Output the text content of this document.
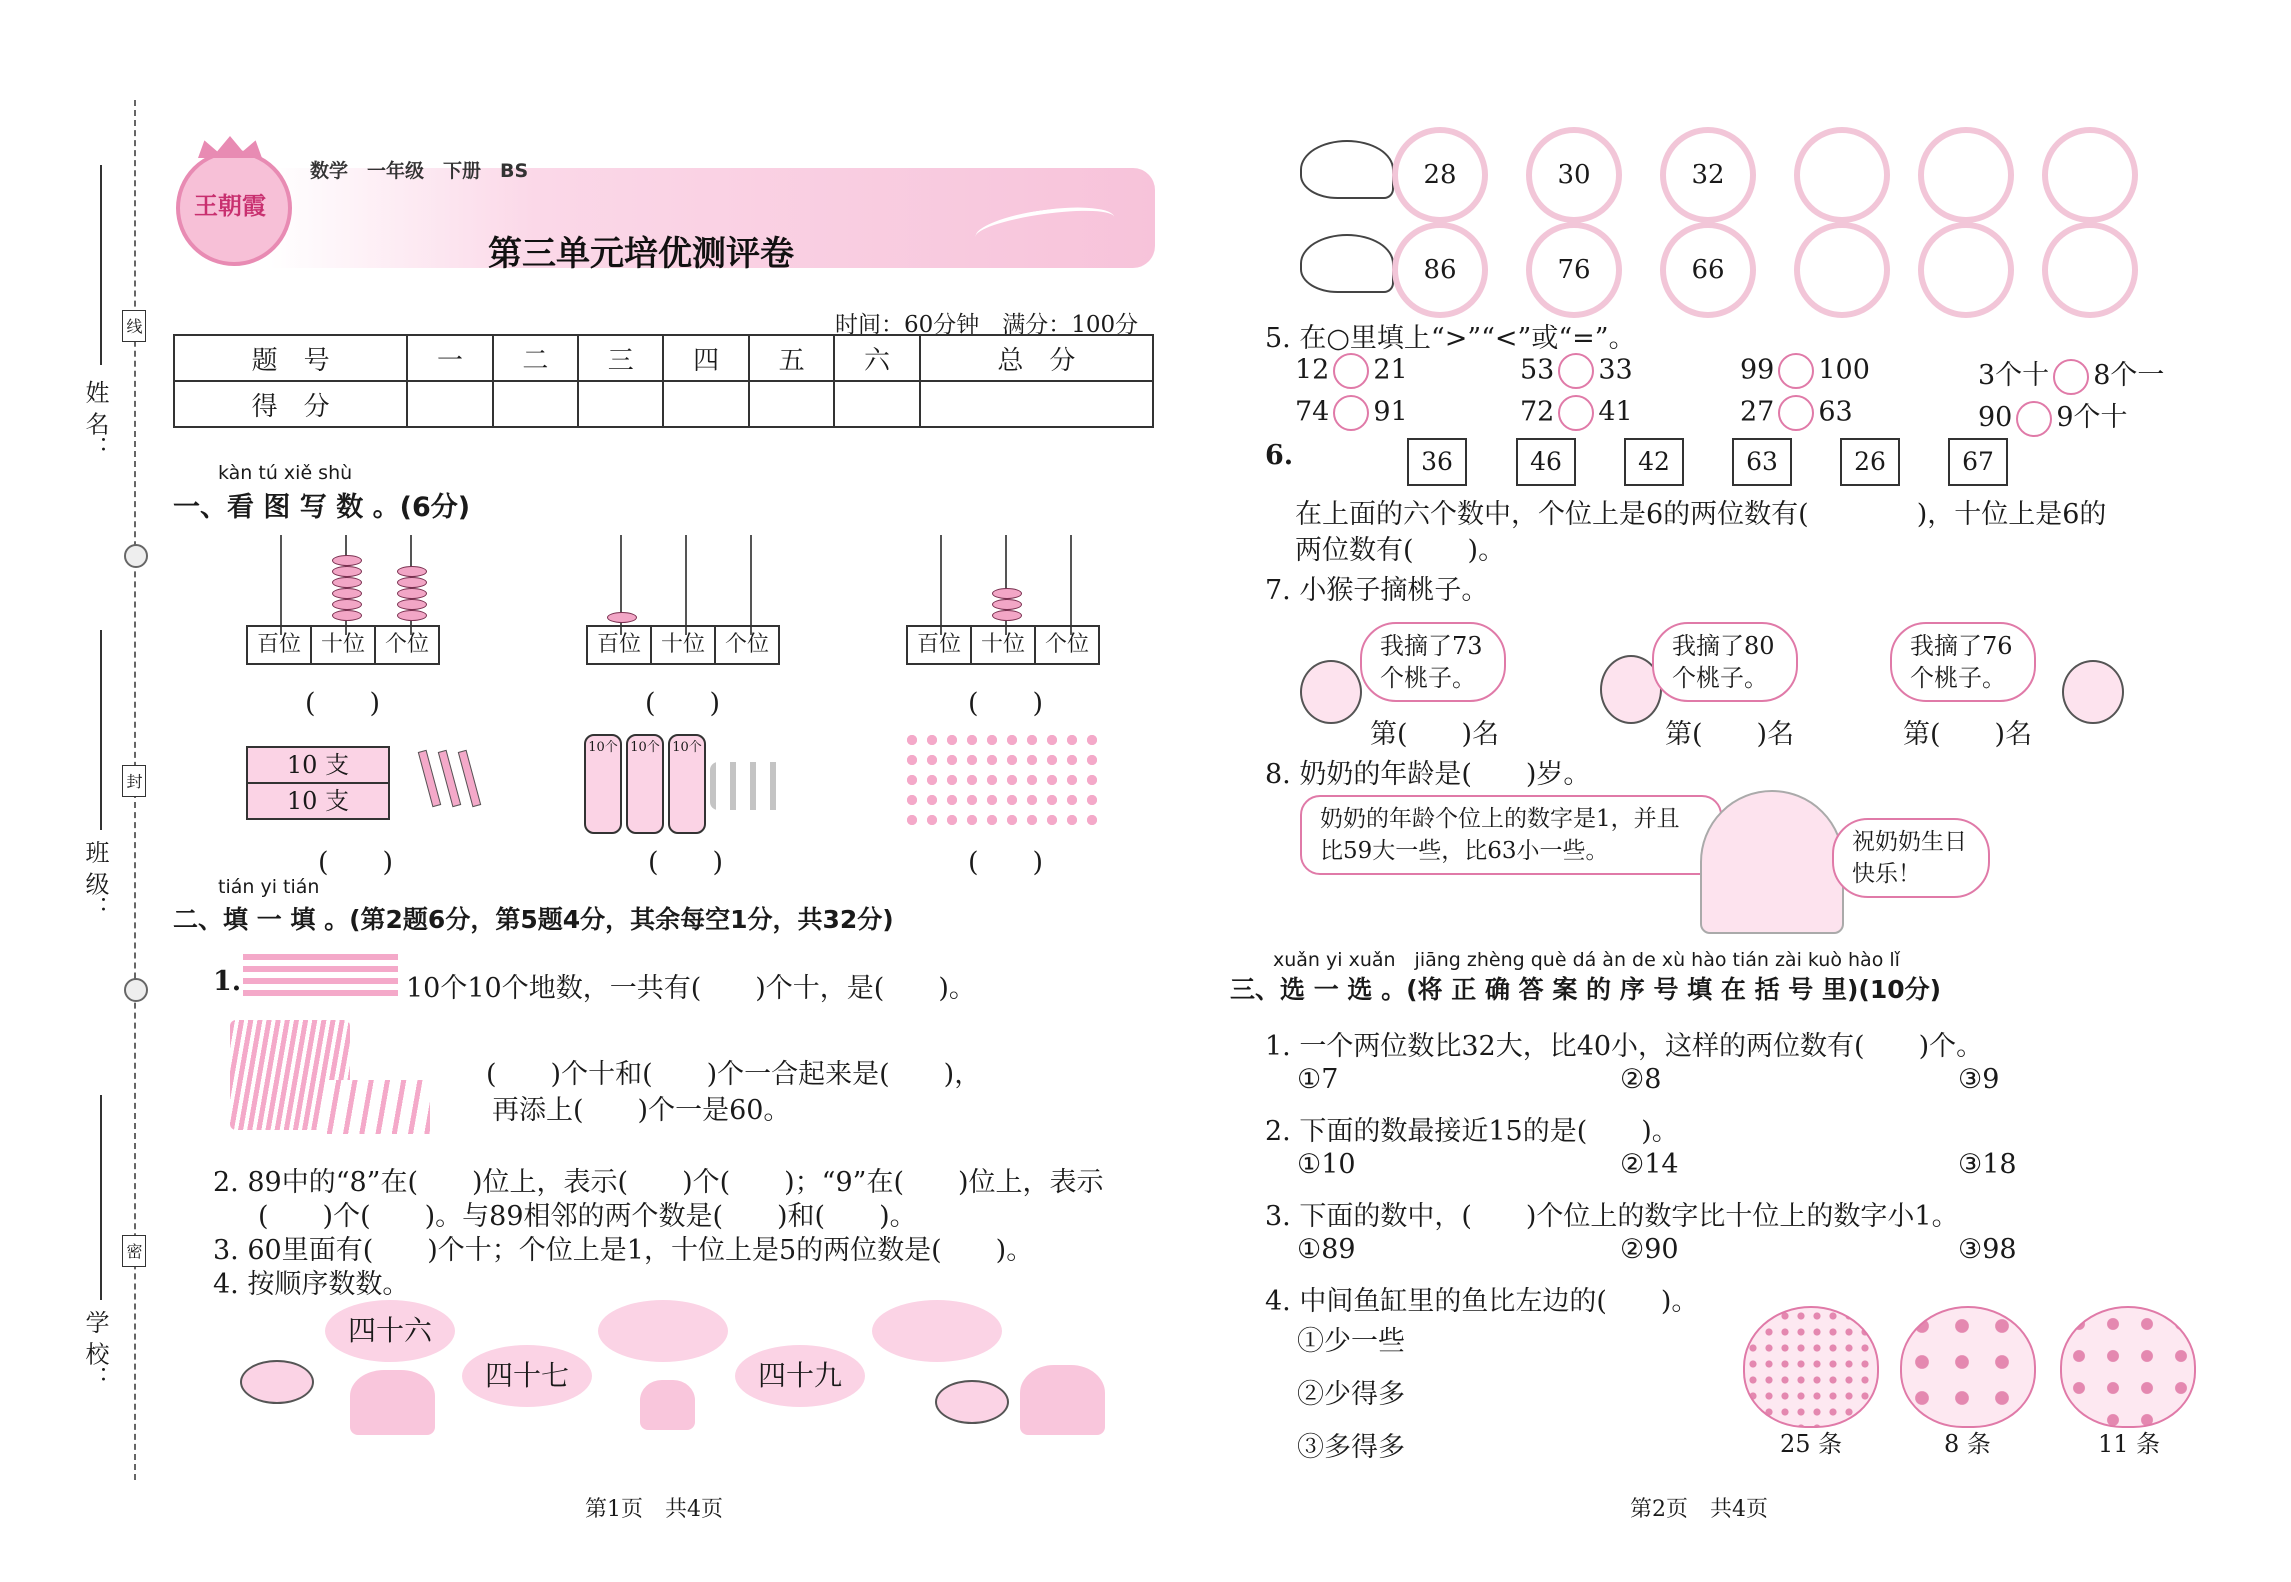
姓 名：
班 级：
学 校：
线
封
密
王朝霞
数学　一年级　下册　BS
第三单元培优测评卷
时间：60分钟　满分：100分
题　号	一	二	三	四	五	六	总　分
得　分							
kàn tú xiě shù
一、看 图 写 数 。(6分)
百位 十位 个位
(　　)
百位 十位 个位
(　　)
百位 十位 个位
(　　)
10 支
10 支
(　　)
10个 10个 10个
(　　)	(　　)
tián yi tián
二、填 一 填 。(第2题6分，第5题4分，其余每空1分，共32分)
1.	10个10个地数，一共有(　　)个十，是(　　)。
(　　)个十和(　　)个一合起来是(　　)，
再添上(　　)个一是60。
2. 89中的“8”在(　　)位上，表示(　　)个(　　)；“9”在(　　)位上，表示
(　　)个(　　)。与89相邻的两个数是(　　)和(　　)。
3. 60里面有(　　)个十；个位上是1，十位上是5的两位数是(　　)。
4. 按顺序数数。
四十六
四十七	四十九
第1页　共4页
28	30	32
86	76	66
5. 在○里填上“>”“<”或“=”。
12 21	53 33	99 100	3个十 8个一
74 91	72 41	27 63	90 9个十
6.	36	46	42	63	26	67
在上面的六个数中，个位上是6的两位数有(　　　　)，十位上是6的
两位数有(　　)。
7. 小猴子摘桃子。
我摘了73个桃子。
第(　　)名
我摘了80个桃子。
第(　　)名
我摘了76个桃子。
第(　　)名
8. 奶奶的年龄是(　　)岁。
奶奶的年龄个位上的数字是1，并且比59大一些，比63小一些。	祝奶奶生日快乐！
xuǎn yi xuǎn　jiāng zhèng què dá àn de xù hào tián zài kuò hào lǐ
三、选 一 选 。(将 正 确 答 案 的 序 号 填 在 括 号 里)(10分)
1. 一个两位数比32大，比40小，这样的两位数有(　　)个。
①7	②8	③9
2. 下面的数最接近15的是(　　)。
①10	②14	③18
3. 下面的数中，(　　)个位上的数字比十位上的数字小1。
①89	②90	③98
4. 中间鱼缸里的鱼比左边的(　　)。
①少一些
②少得多
③多得多	25 条	8 条	11 条
第2页　共4页
